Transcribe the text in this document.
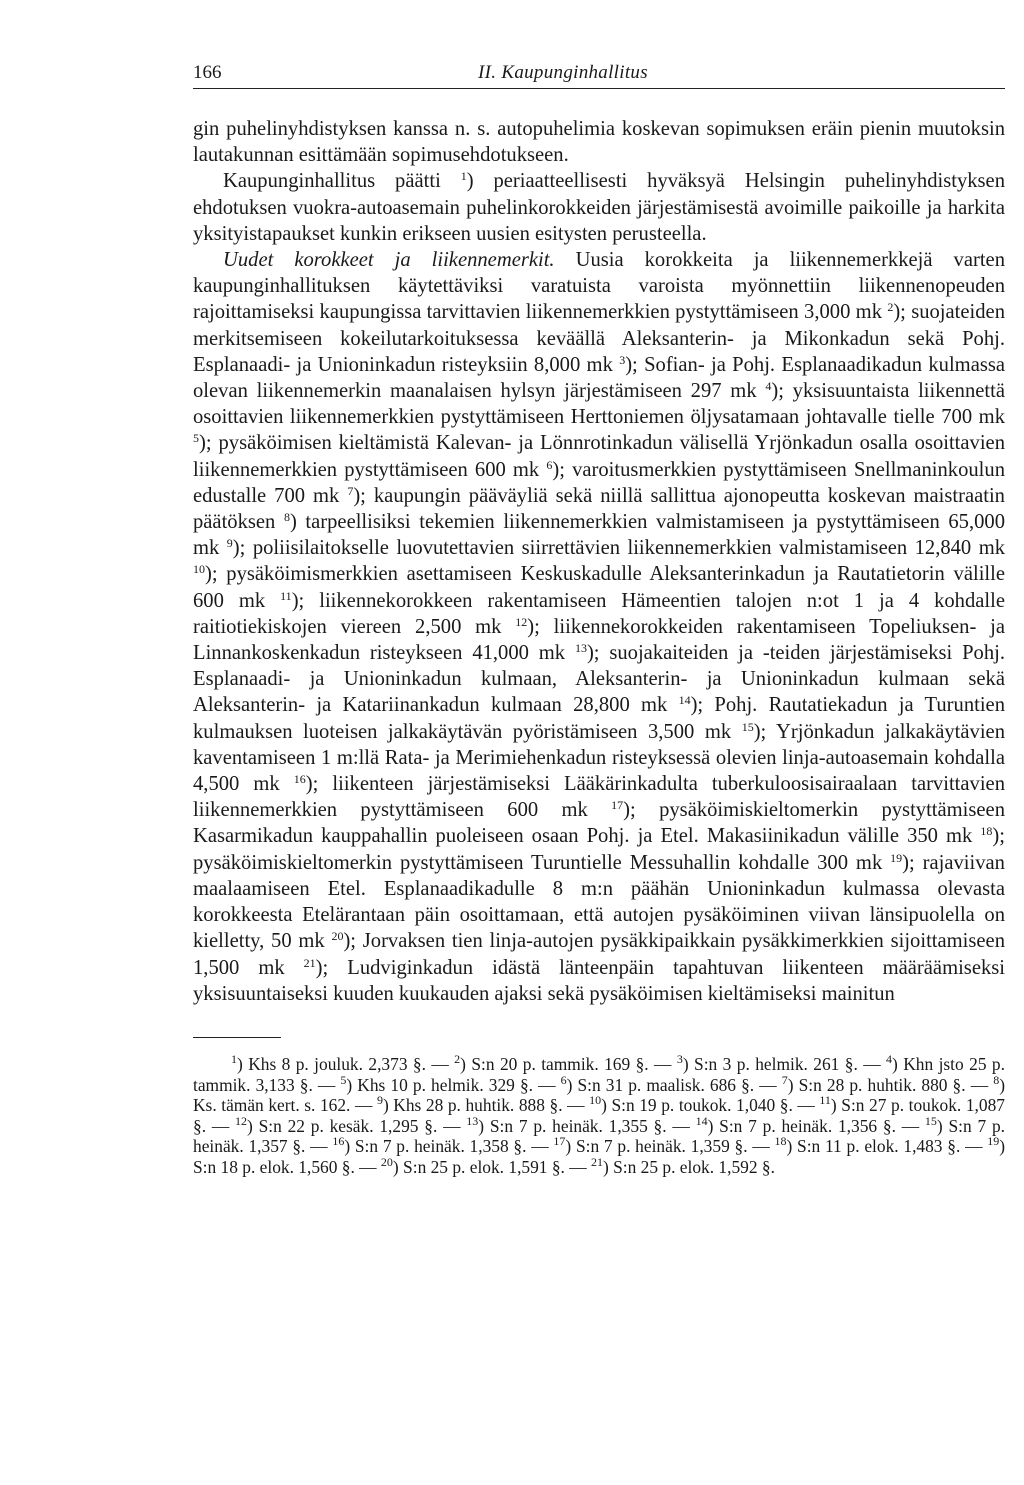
166	II. Kaupunginhallitus

gin puhelinyhdistyksen kanssa n. s. autopuhelimia koskevan sopimuksen eräin pienin muutoksin lautakunnan esittämään sopimusehdotukseen.

Kaupunginhallitus päätti $^1$) periaatteellisesti hyväksyä Helsingin puhelinyhdistyksen ehdotuksen vuokra-autoasemain puhelinkorokkeiden järjestämisestä avoimille paikoille ja harkita yksityistapaukset kunkin erikseen uusien esitysten perusteella.

Uudet korokkeet ja liikennemerkit. Uusia korokkeita ja liikennemerkkejä varten kaupunginhallituksen käytettäviksi varatuista varoista myönnettiin liikennenopeuden rajoittamiseksi kaupungissa tarvittavien liikennemerkkien pystyttämiseen 3,000 mk $^2$); suojateiden merkitsemiseen kokeilutarkoituksessa keväällä Aleksanterin- ja Mikonkadun sekä Pohj. Esplanaadi- ja Unioninkadun risteyksiin 8,000 mk $^3$); Sofian- ja Pohj. Esplanaadikadun kulmassa olevan liikennemerkin maanalaisen hylsyn järjestämiseen 297 mk $^4$); yksisuuntaista liikennettä osoittavien liikennemerkkien pystyttämiseen Herttoniemen öljysatamaan johtavalle tielle 700 mk $^5$); pysäköimisen kieltämistä Kalevan- ja Lönnrotinkadun välisellä Yrjönkadun osalla osoittavien liikennemerkkien pystyttämiseen 600 mk $^6$); varoitusmerkkien pystyttämiseen Snellmaninkoulun edustalle 700 mk $^7$); kaupungin pääväyliä sekä niillä sallittua ajonopeutta koskevan maistraatin päätöksen $^8$) tarpeellisiksi tekemien liikennemerkkien valmistamiseen ja pystyttämiseen 65,000 mk $^9$); poliisilaitokselle luovutettavien siirrettävien liikennemerkkien valmistamiseen 12,840 mk $^{10}$); pysäköimismerkkien asettamiseen Keskuskadulle Aleksanterinkadun ja Rautatietorin välille 600 mk $^{11}$); liikennekorokkeen rakentamiseen Hämeentien talojen n:ot 1 ja 4 kohdalle raitiotiekiskojen viereen 2,500 mk $^{12}$); liikennekorokkeiden rakentamiseen Topeliuksen- ja Linnankoskenkadun risteykseen 41,000 mk $^{13}$); suojakaiteiden ja -teiden järjestämiseksi Pohj. Esplanaadi- ja Unioninkadun kulmaan, Aleksanterin- ja Unioninkadun kulmaan sekä Aleksanterin- ja Katariinankadun kulmaan 28,800 mk $^{14}$); Pohj. Rautatiekadun ja Turuntien kulmauksen luoteisen jalkakäytävän pyöristämiseen 3,500 mk $^{15}$); Yrjönkadun jalkakäytävien kaventamiseen 1 m:llä Rata- ja Merimiehenkadun risteyksessä olevien linja-autoasemain kohdalla 4,500 mk $^{16}$); liikenteen järjestämiseksi Lääkärinkadulta tuberkuloosisairaalaan tarvittavien liikennemerkkien pystyttämiseen 600 mk $^{17}$); pysäköimiskieltomerkin pystyttämiseen Kasarmikadun kauppahallin puoleiseen osaan Pohj. ja Etel. Makasiinikadun välille 350 mk $^{18}$); pysäköimiskieltomerkin pystyttämiseen Turuntielle Messuhallin kohdalle 300 mk $^{19}$); rajaviivan maalaamiseen Etel. Esplanaadikadulle 8 m:n päähän Unioninkadun kulmassa olevasta korokkeesta Etelärantaan päin osoittamaan, että autojen pysäköiminen viivan länsipuolella on kielletty, 50 mk $^{20}$); Jorvaksen tien linja-autojen pysäkkipaikkain pysäkkimerkkien sijoittamiseen 1,500 mk $^{21}$); Ludviginkadun idästä länteenpäin tapahtuvan liikenteen määräämiseksi yksisuuntaiseksi kuuden kuukauden ajaksi sekä pysäköimisen kieltämiseksi mainitun

$^1$) Khs 8 p. jouluk. 2,373 §. — $^2$) S:n 20 p. tammik. 169 §. — $^3$) S:n 3 p. helmik. 261 §. — $^4$) Khn jsto 25 p. tammik. 3,133 §. — $^5$) Khs 10 p. helmik. 329 §. — $^6$) S:n 31 p. maalisk. 686 §. — $^7$) S:n 28 p. huhtik. 880 §. — $^8$) Ks. tämän kert. s. 162. — $^9$) Khs 28 p. huhtik. 888 §. — $^{10}$) S:n 19 p. toukok. 1,040 §. — $^{11}$) S:n 27 p. toukok. 1,087 §. — $^{12}$) S:n 22 p. kesäk. 1,295 §. — $^{13}$) S:n 7 p. heinäk. 1,355 §. — $^{14}$) S:n 7 p. heinäk. 1,356 §. — $^{15}$) S:n 7 p. heinäk. 1,357 §. — $^{16}$) S:n 7 p. heinäk. 1,358 §. — $^{17}$) S:n 7 p. heinäk. 1,359 §. — $^{18}$) S:n 11 p. elok. 1,483 §. — $^{19}$) S:n 18 p. elok. 1,560 §. — $^{20}$) S:n 25 p. elok. 1,591 §. — $^{21}$) S:n 25 p. elok. 1,592 §.
